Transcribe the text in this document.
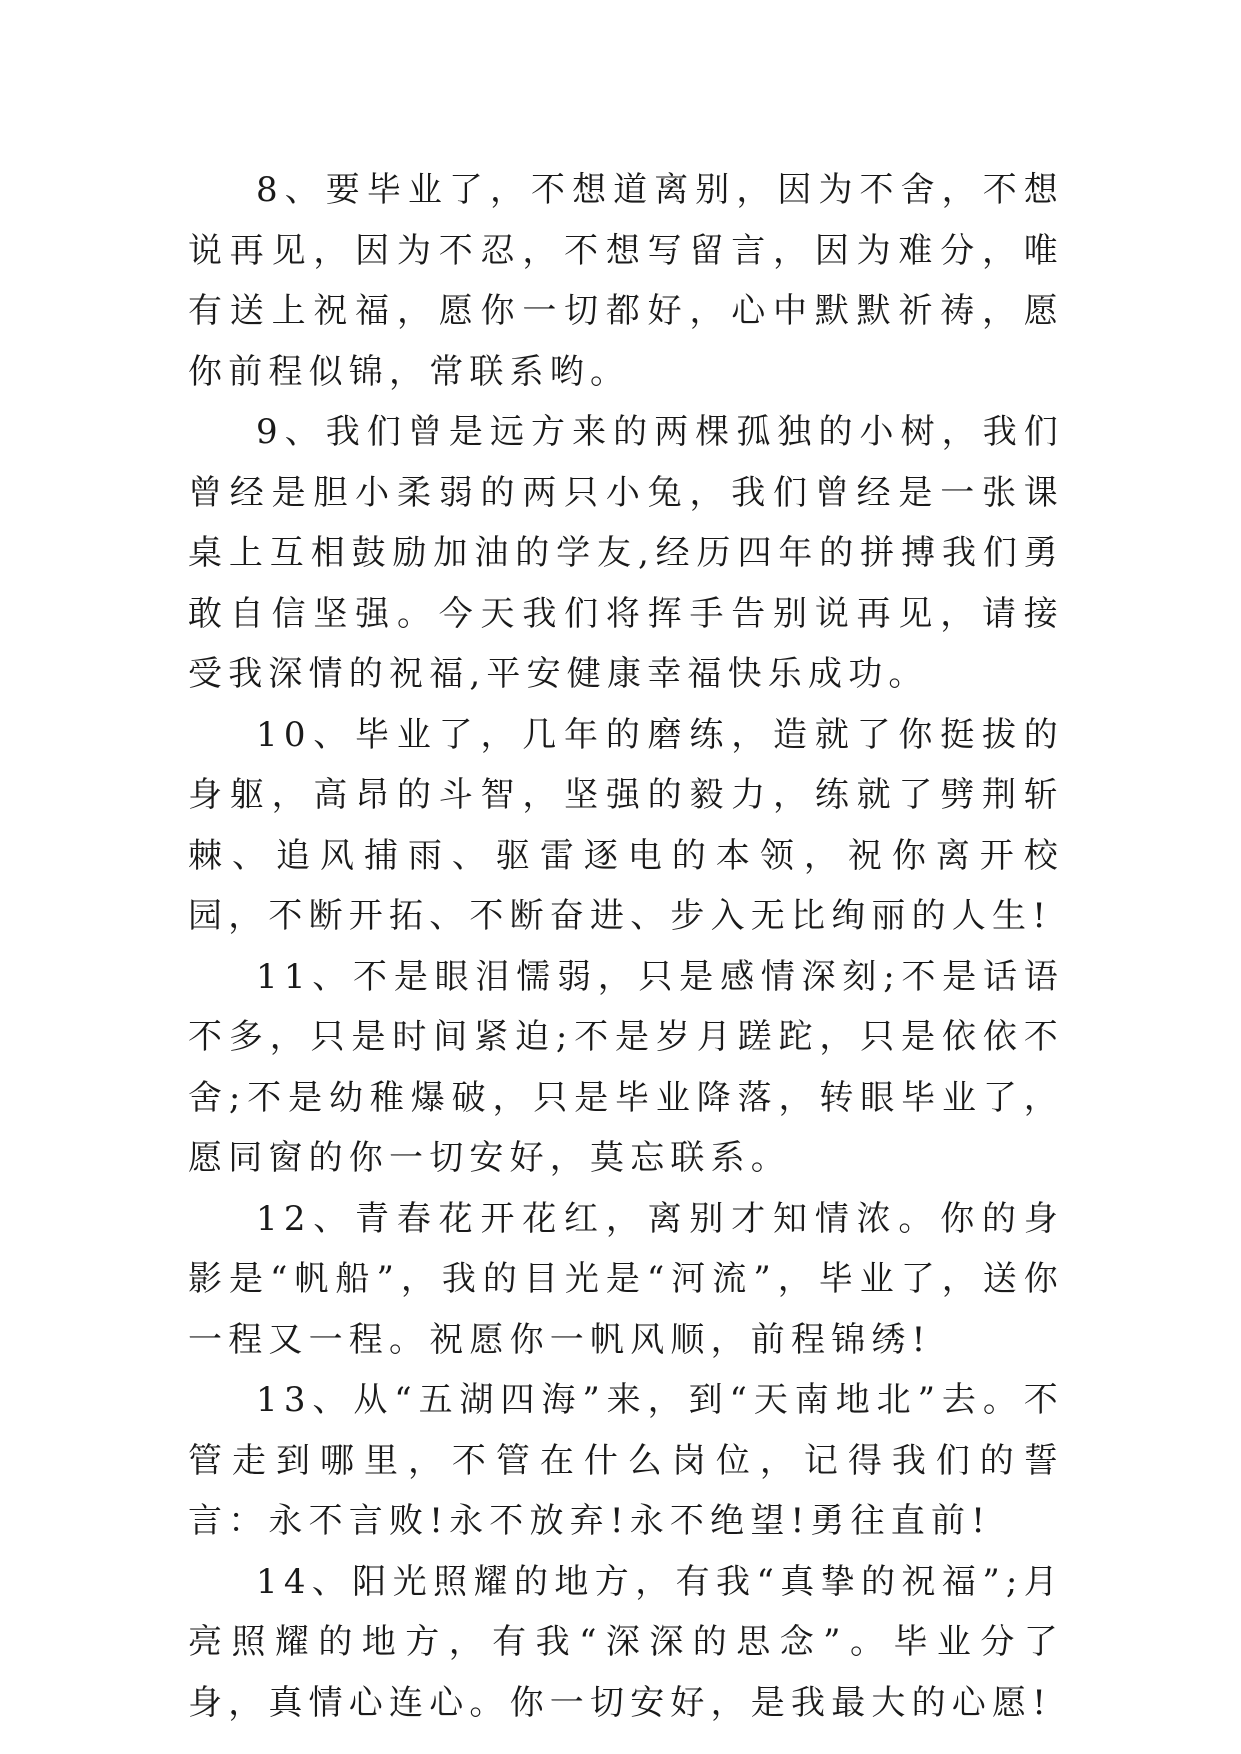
8、要毕业了，不想道离别，因为不舍，不想说再见，因为不忍，不想写留言，因为难分，唯有送上祝福，愿你一切都好，心中默默祈祷，愿你前程似锦，常联系哟。

9、我们曾是远方来的两棵孤独的小树，我们曾经是胆小柔弱的两只小兔，我们曾经是一张课桌上互相鼓励加油的学友,经历四年的拼搏我们勇敢自信坚强。今天我们将挥手告别说再见，请接受我深情的祝福,平安健康幸福快乐成功。

10、毕业了，几年的磨练，造就了你挺拔的身躯，高昂的斗智，坚强的毅力，练就了劈荆斩棘、追风捕雨、驱雷逐电的本领，祝你离开校园，不断开拓、不断奋进、步入无比绚丽的人生!

11、不是眼泪懦弱，只是感情深刻;不是话语不多，只是时间紧迫;不是岁月蹉跎，只是依依不舍;不是幼稚爆破，只是毕业降落，转眼毕业了，愿同窗的你一切安好，莫忘联系。

12、青春花开花红，离别才知情浓。你的身影是“帆船”，我的目光是“河流”，毕业了，送你一程又一程。祝愿你一帆风顺，前程锦绣!

13、从“五湖四海”来，到“天南地北”去。不管走到哪里，不管在什么岗位，记得我们的誓言：永不言败!永不放弃!永不绝望!勇往直前!

14、阳光照耀的地方，有我“真挚的祝福”;月亮照耀的地方，有我“深深的思念”。毕业分了身，真情心连心。你一切安好，是我最大的心愿!
